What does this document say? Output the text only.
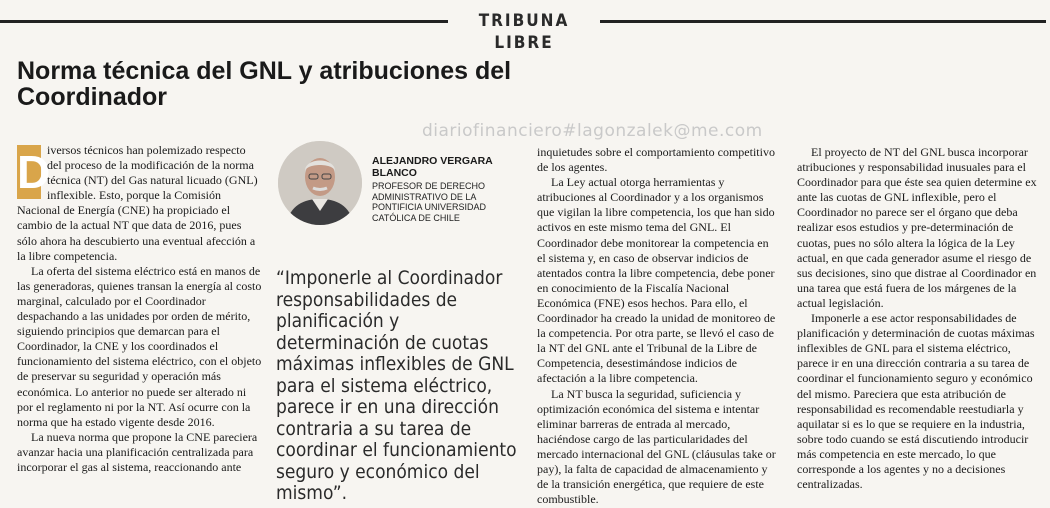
TRIBUNA LIBRE
Norma técnica del GNL y atribuciones del Coordinador
diariofinanciero#lagonzalek@me.com
D

iversos técnicos han polemizado respecto del proceso de la modificación de la norma técnica (NT) del Gas natural licuado (GNL) inflexible. Esto, porque la Comisión Nacional de Energía (CNE) ha propiciado el cambio de la actual NT que data de 2016, pues sólo ahora ha descubierto una eventual afección a la libre competencia.

La oferta del sistema eléctrico está en manos de las generadoras, quienes transan la energía al costo marginal, calculado por el Coordinador despachando a las unidades por orden de mérito, siguiendo principios que demarcan para el Coordinador, la CNE y los coordinados el funcionamiento del sistema eléctrico, con el objeto de preservar su seguridad y operación más económica. Lo anterior no puede ser alterado ni por el reglamento ni por la NT. Así ocurre con la norma que ha estado vigente desde 2016.

La nueva norma que propone la CNE pareciera avanzar hacia una planificación centralizada para incorporar el gas al sistema, reaccionando ante

ALEJANDRO VERGARA BLANCO
PROFESOR DE DERECHO ADMINISTRATIVO DE LA PONTIFICIA UNIVERSIDAD CATÓLICA DE CHILE
“Imponerle al Coordinador responsabilidades de planificación y determinación de cuotas máximas inflexibles de GNL para el sistema eléctrico, parece ir en una dirección contraria a su tarea de coordinar el funcionamiento seguro y económico del mismo”.

inquietudes sobre el comportamiento competitivo de los agentes.

La Ley actual otorga herramientas y atribuciones al Coordinador y a los organismos que vigilan la libre competencia, los que han sido activos en este mismo tema del GNL. El Coordinador debe monitorear la competencia en el sistema y, en caso de observar indicios de atentados contra la libre competencia, debe poner en conocimiento de la Fiscalía Nacional Económica (FNE) esos hechos. Para ello, el Coordinador ha creado la unidad de monitoreo de la competencia. Por otra parte, se llevó el caso de la NT del GNL ante el Tribunal de la Libre de Competencia, desestimándose indicios de afectación a la libre competencia.

La NT busca la seguridad, suficiencia y optimización económica del sistema e intentar eliminar barreras de entrada al mercado, haciéndose cargo de las particularidades del mercado internacional del GNL (cláusulas take or pay), la falta de capacidad de almacenamiento y de la transición energética, que requiere de este combustible.

El proyecto de NT del GNL busca incorporar atribuciones y responsabilidad inusuales para el Coordinador para que éste sea quien determine ex ante las cuotas de GNL inflexible, pero el Coordinador no parece ser el órgano que deba realizar esos estudios y pre-determinación de cuotas, pues no sólo altera la lógica de la Ley actual, en que cada generador asume el riesgo de sus decisiones, sino que distrae al Coordinador en una tarea que está fuera de los márgenes de la actual legislación.

Imponerle a ese actor responsabilidades de planificación y determinación de cuotas máximas inflexibles de GNL para el sistema eléctrico, parece ir en una dirección contraria a su tarea de coordinar el funcionamiento seguro y económico del mismo. Pareciera que esta atribución de responsabilidad es recomendable reestudiarla y aquilatar si es lo que se requiere en la industria, sobre todo cuando se está discutiendo introducir más competencia en este mercado, lo que corresponde a los agentes y no a decisiones centralizadas.
